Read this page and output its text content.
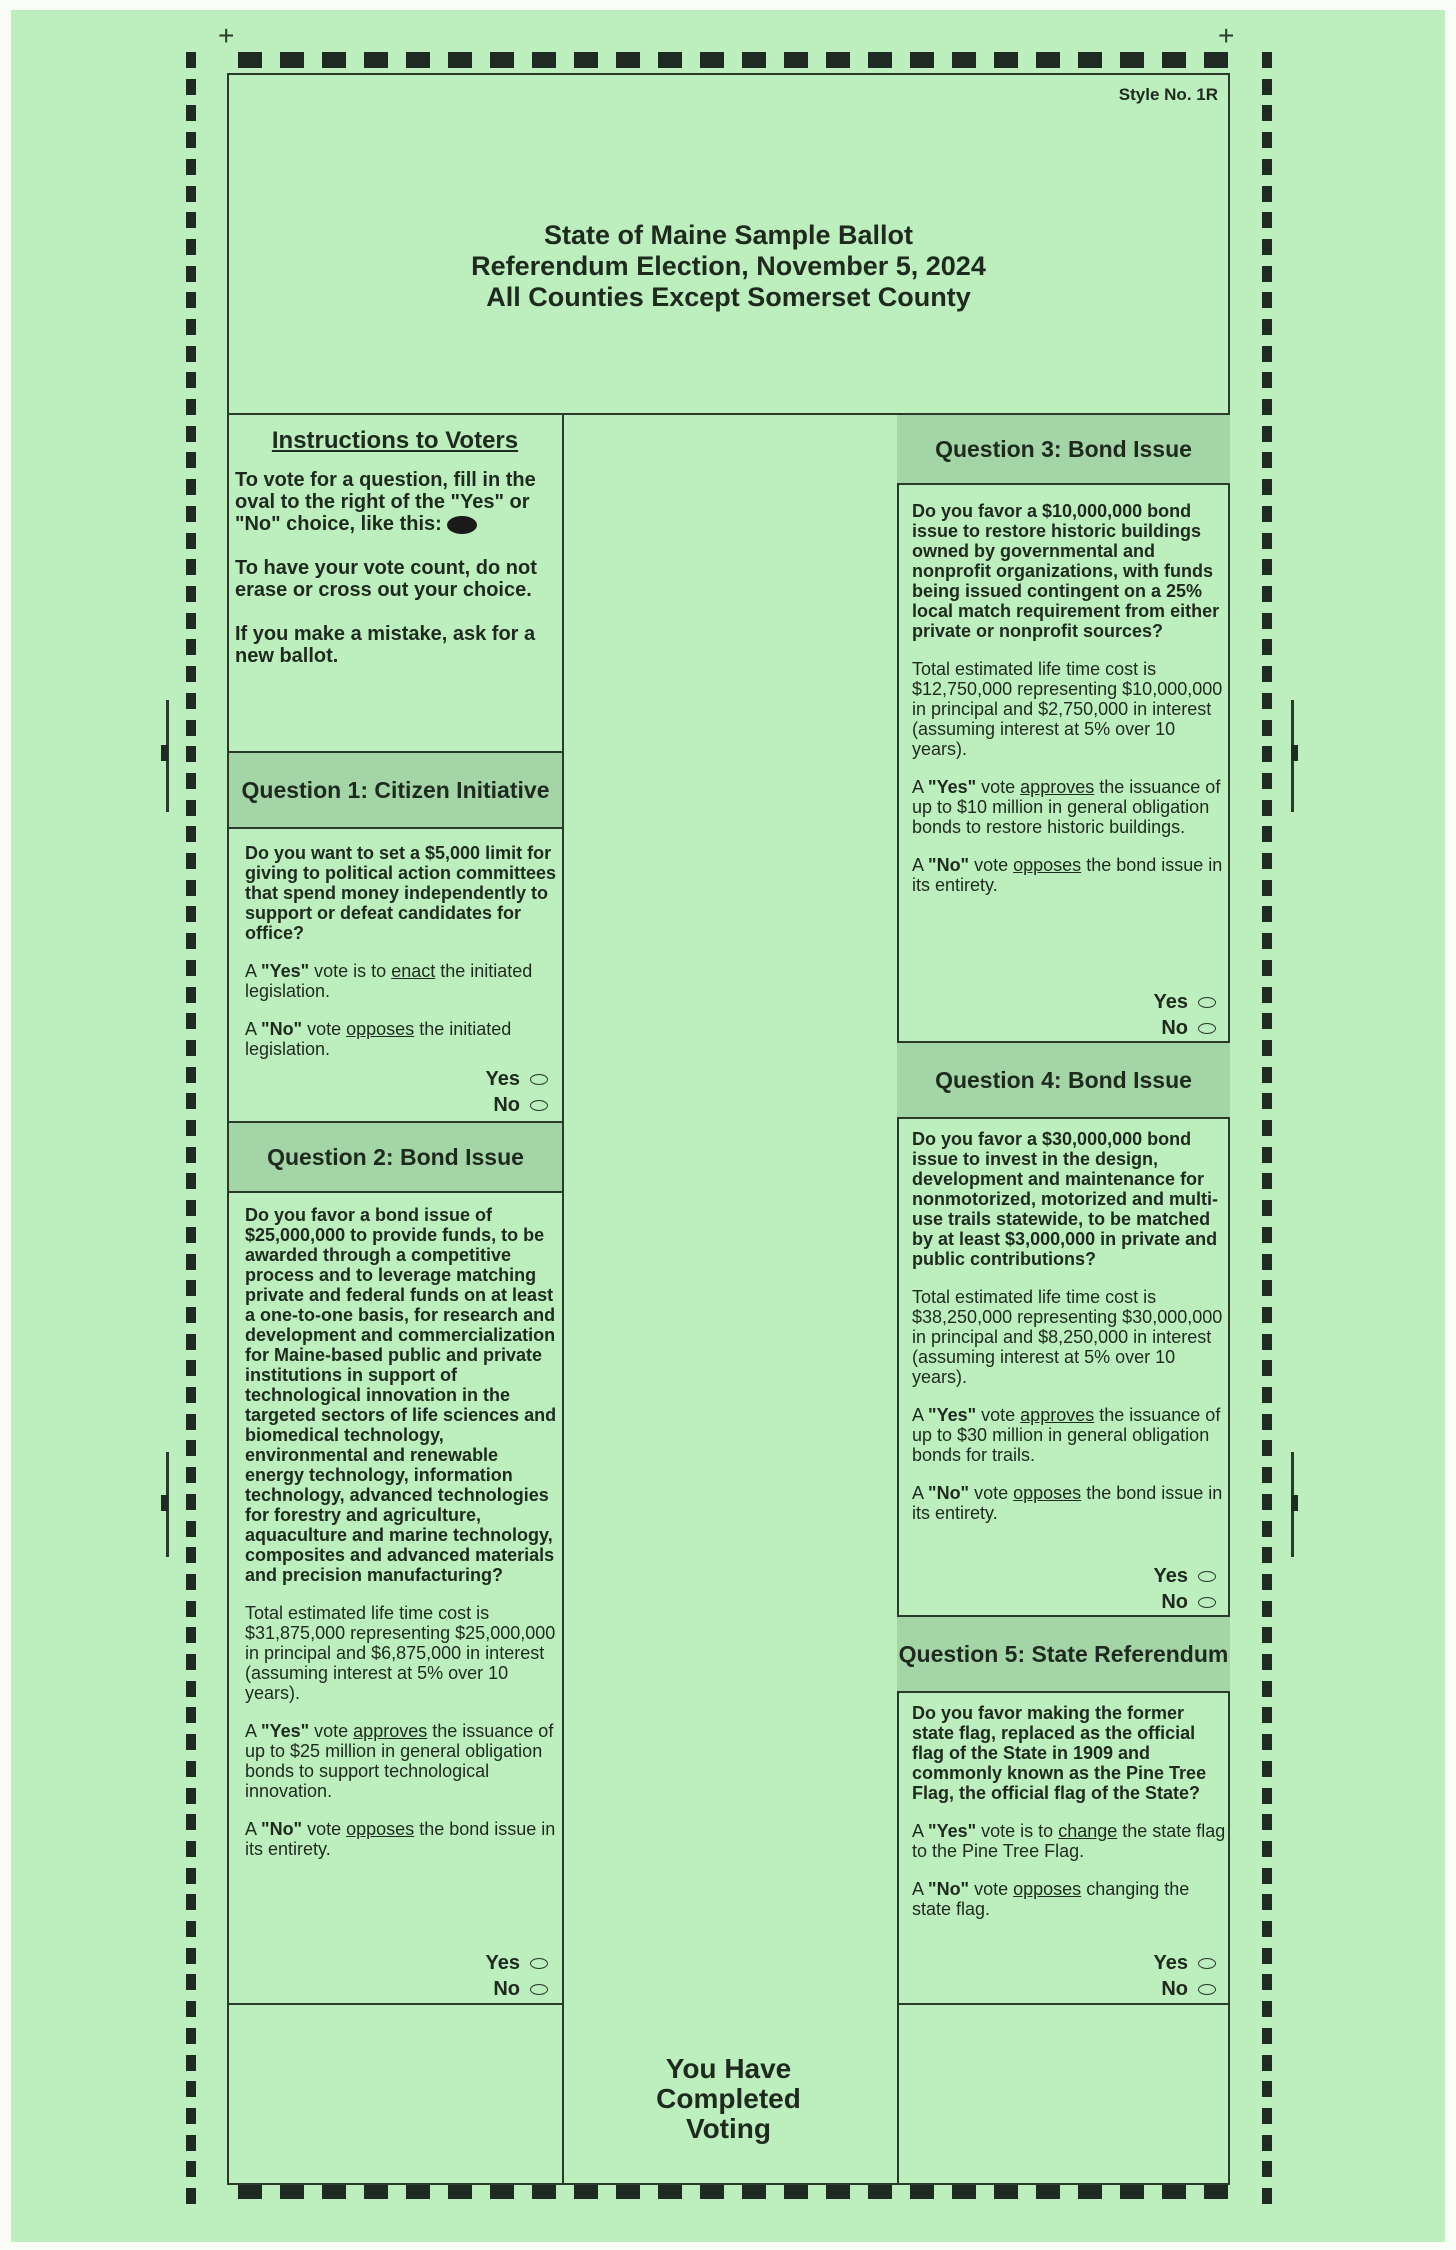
+	+
Style No. 1R
State of Maine Sample Ballot
Referendum Election, November 5, 2024
All Counties Except Somerset County
Instructions to Voters

To vote for a question, fill in the oval to the right of the "Yes" or "No" choice, like this:

To have your vote count, do not erase or cross out your choice.

If you make a mistake, ask for a new ballot.

Question 1: Citizen Initiative

Do you want to set a $5,000 limit for giving to political action committees that spend money independently to support or defeat candidates for office?

A "Yes" vote is to enact the initiated legislation.

A "No" vote opposes the initiated legislation.

Yes
No
Question 2: Bond Issue

Do you favor a bond issue of $25,000,000 to provide funds, to be awarded through a competitive process and to leverage matching private and federal funds on at least a one-to-one basis, for research and development and commercialization for Maine-based public and private institutions in support of technological innovation in the targeted sectors of life sciences and biomedical technology, environmental and renewable energy technology, information technology, advanced technologies for forestry and agriculture, aquaculture and marine technology, composites and advanced materials and precision manufacturing?

Total estimated life time cost is $31,875,000 representing $25,000,000 in principal and $6,875,000 in interest (assuming interest at 5% over 10 years).

A "Yes" vote approves the issuance of up to $25 million in general obligation bonds to support technological innovation.

A "No" vote opposes the bond issue in its entirety.

Yes
No
Question 3: Bond Issue

Do you favor a $10,000,000 bond issue to restore historic buildings owned by governmental and nonprofit organizations, with funds being issued contingent on a 25% local match requirement from either private or nonprofit sources?

Total estimated life time cost is $12,750,000 representing $10,000,000 in principal and $2,750,000 in interest (assuming interest at 5% over 10 years).

A "Yes" vote approves the issuance of up to $10 million in general obligation bonds to restore historic buildings.

A "No" vote opposes the bond issue in its entirety.

Yes
No
Question 4: Bond Issue

Do you favor a $30,000,000 bond issue to invest in the design, development and maintenance for nonmotorized, motorized and multi-use trails statewide, to be matched by at least $3,000,000 in private and public contributions?

Total estimated life time cost is $38,250,000 representing $30,000,000 in principal and $8,250,000 in interest (assuming interest at 5% over 10 years).

A "Yes" vote approves the issuance of up to $30 million in general obligation bonds for trails.

A "No" vote opposes the bond issue in its entirety.

Yes
No
Question 5: State Referendum

Do you favor making the former state flag, replaced as the official flag of the State in 1909 and commonly known as the Pine Tree Flag, the official flag of the State?

A "Yes" vote is to change the state flag to the Pine Tree Flag.

A "No" vote opposes changing the state flag.

Yes
No
You Have
Completed
Voting
